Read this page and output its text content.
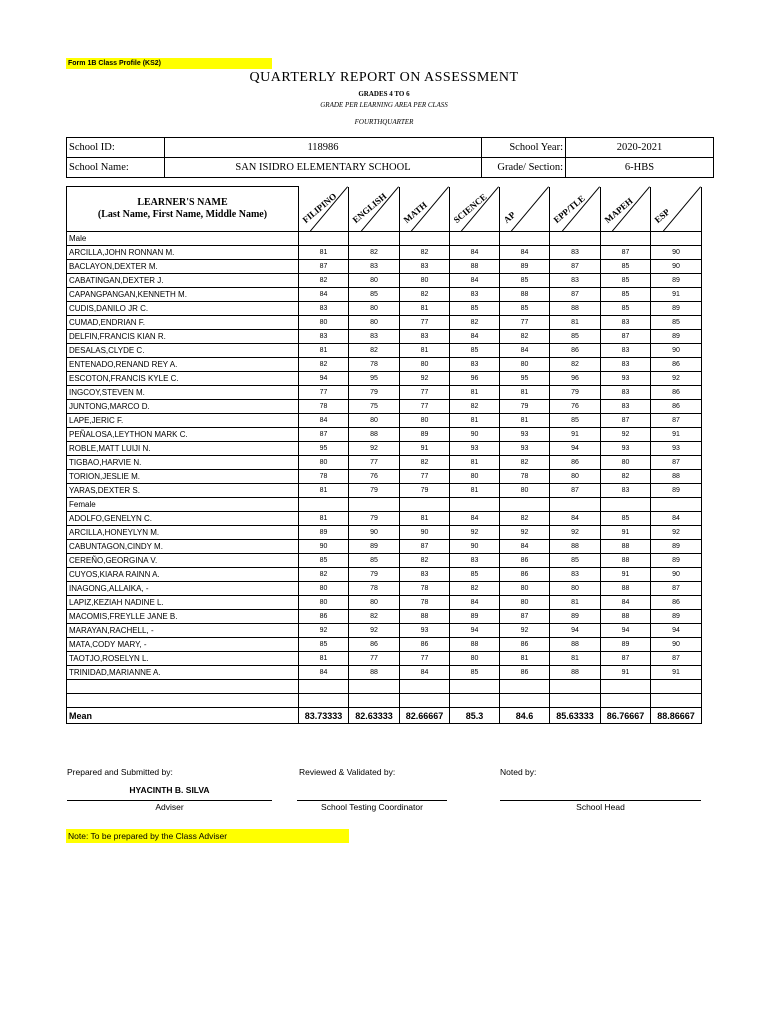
Form 1B Class Profile (KS2)
QUARTERLY REPORT ON ASSESSMENT
GRADES 4 TO 6
GRADE PER LEARNING AREA PER CLASS
FOURTHQUARTER
School ID:	118986	School Year:	2020-2021
School Name:	SAN ISIDRO ELEMENTARY SCHOOL	Grade/ Section:	6-HBS
LEARNER'S NAME
(Last Name, First Name, Middle Name)	FILIPINO	ENGLISH	MATH	SCIENCE	AP	EPP/TLE	MAPEH	ESP

Male								
ARCILLA,JOHN RONNAN M.	81	82	82	84	84	83	87	90
BACLAYON,DEXTER M.	87	83	83	88	89	87	85	90
CABATINGAN,DEXTER J.	82	80	80	84	85	83	85	89
CAPANGPANGAN,KENNETH M.	84	85	82	83	88	87	85	91
CUDIS,DANILO JR C.	83	80	81	85	85	88	85	89
CUMAD,ENDRIAN F.	80	80	77	82	77	81	83	85
DELFIN,FRANCIS KIAN R.	83	83	83	84	82	85	87	89
DESALAS,CLYDE C.	81	82	81	85	84	86	83	90
ENTENADO,RENAND REY A.	82	78	80	83	80	82	83	86
ESCOTON,FRANCIS KYLE C.	94	95	92	96	95	96	93	92
INGCOY,STEVEN M.	77	79	77	81	81	79	83	86
JUNTONG,MARCO D.	78	75	77	82	79	76	83	86
LAPE,JERIC F.	84	80	80	81	81	85	87	87
PEÑALOSA,LEYTHON MARK C.	87	88	89	90	93	91	92	91
ROBLE,MATT LUIJI N.	95	92	91	93	93	94	93	93
TIGBAO,HARVIE N.	80	77	82	81	82	86	80	87
TORION,JESLIE M.	78	76	77	80	78	80	82	88
YARAS,DEXTER S.	81	79	79	81	80	87	83	89
Female								
ADOLFO,GENELYN C.	81	79	81	84	82	84	85	84
ARCILLA,HONEYLYN M.	89	90	90	92	92	92	91	92
CABUNTAGON,CINDY M.	90	89	87	90	84	88	88	89
CEREÑO,GEORGINA V.	85	85	82	83	86	85	88	89
CUYOS,KIARA RAINN A.	82	79	83	85	86	83	91	90
INAGONG,ALLAIKA, -	80	78	78	82	80	80	88	87
LAPIZ,KEZIAH NADINE L.	80	80	78	84	80	81	84	86
MACOMIS,FREYLLE JANE B.	86	82	88	89	87	89	88	89
MARAYAN,RACHELL, -	92	92	93	94	92	94	94	94
MATA,CODY MARY, -	85	86	86	88	86	88	89	90
TAOTJO,ROSELYN L.	81	77	77	80	81	81	87	87
TRINIDAD,MARIANNE A.	84	88	84	85	86	88	91	91

Mean	83.73333	82.63333	82.66667	85.3	84.6	85.63333	86.76667	88.86667
Prepared and Submitted by:	Reviewed & Validated by:	Noted by:
HYACINTH B. SILVA
Adviser	School Testing Coordinator	School Head
Note: To be prepared by the Class Adviser
